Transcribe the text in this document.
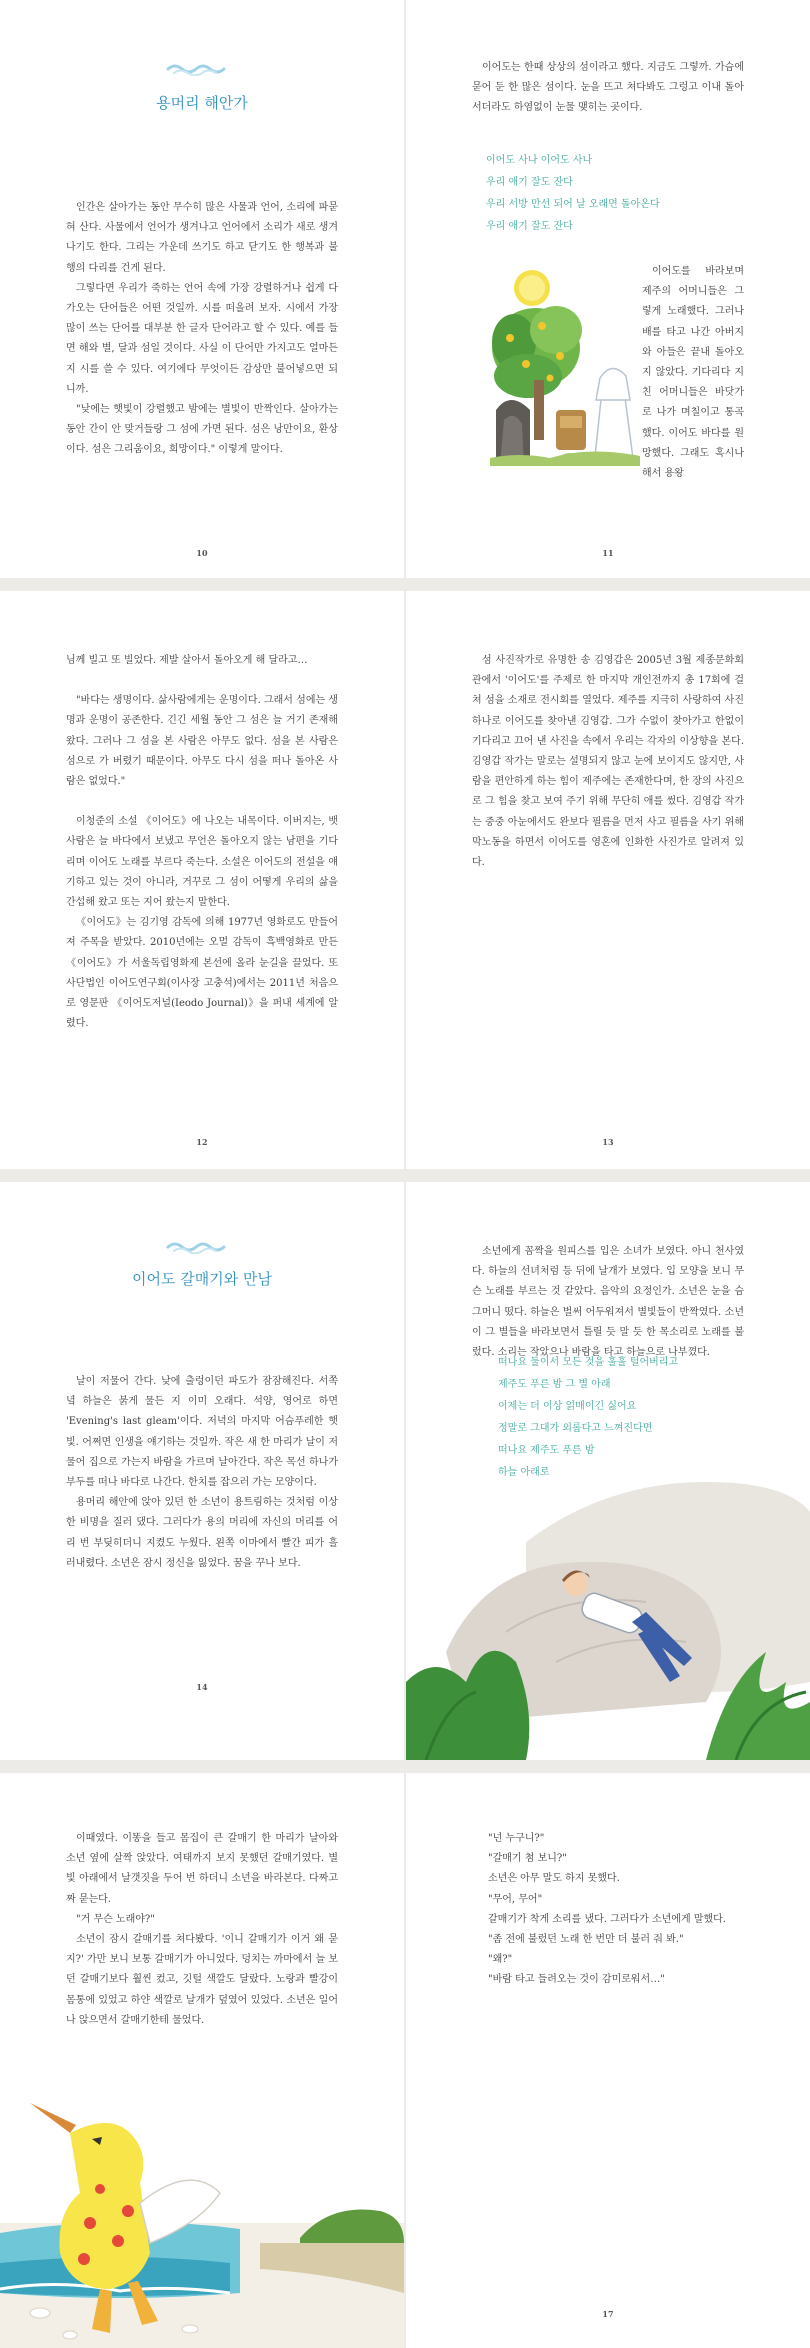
용머리 해안가

인간은 살아가는 동안 무수히 많은 사물과 언어, 소리에 파묻혀 산다. 사물에서 언어가 생겨나고 언어에서 소리가 새로 생겨나기도 한다. 그리는 가운데 쓰기도 하고 닫기도 한 행복과 불행의 다리를 건게 된다.

그렇다면 우리가 죽하는 언어 속에 가장 강렬하거나 쉽게 다가오는 단어들은 어떤 것일까. 시를 떠올려 보자. 시에서 가장 많이 쓰는 단어를 대부분 한 글자 단어라고 할 수 있다. 예를 들면 해와 별, 달과 섬일 것이다. 사실 이 단어만 가지고도 얼마든지 시를 쓸 수 있다. 여기에다 무엇이든 감상만 불어넣으면 되니까.

"낮에는 햇빛이 강렬했고 밤에는 별빛이 반짝인다. 살아가는 동안 간이 안 맞거들랑 그 섬에 가면 된다. 섬은 낭만이요, 환상이다. 섬은 그리움이요, 희망이다." 이렇게 말이다.

10

이어도는 한때 상상의 섬이라고 했다. 지금도 그렇까. 가슴에 묻어 둔 한 많은 섬이다. 눈을 뜨고 쳐다봐도 그렁고 이내 돌아서더라도 하염없이 눈물 맺히는 곳이다.

이어도 사나 이어도 사나
우리 애기 잘도 잔다
우리 서방 만선 되어 날 오래면 돌아온다
우리 애기 잘도 잔다

이어도를 바라보며 제주의 어머니들은 그렇게 노래했다. 그러나 배를 타고 나간 아버지와 아들은 끝내 돌아오지 않았다. 기다리다 지친 어머니들은 바닷가로 나가 며칠이고 통곡했다. 이어도 바다를 원망했다. 그래도 혹시나 해서 용왕

11

님께 빌고 또 빌었다. 제발 살아서 돌아오게 해 달라고…

"바다는 생명이다. 삶사람에게는 운명이다. 그래서 섬에는 생명과 운명이 공존한다. 긴긴 세월 동안 그 섬은 늘 거기 존재해 왔다. 그러나 그 섬을 본 사람은 아무도 없다. 섬을 본 사람은 섬으로 가 버렸기 때문이다. 아무도 다시 섬을 떠나 돌아온 사람은 없었다."

이청준의 소설 《이어도》에 나오는 내목이다. 이버지는, 뱃사람은 늘 바다에서 보냈고 무언은 돌아오지 않는 남편을 기다리며 이어도 노래를 부르다 죽는다. 소설은 이어도의 전설을 얘기하고 있는 것이 아니라, 거꾸로 그 섬이 어떻게 우리의 삶을 간섭해 왔고 또는 지어 왔는지 말한다.

《이어도》는 김기영 감독에 의해 1977년 영화로도 만들어져 주목을 받았다. 2010년에는 오멀 감독이 흑백영화로 만든 《이어도》가 서울독립영화제 본선에 올라 눈길을 끌었다. 또 사단법인 이어도연구회(이사장 고충석)에서는 2011년 처음으로 영문판 《이어도저널(Ieodo Journal)》을 퍼내 세계에 알렸다.

12

섬 사진작가로 유명한 송 김영갑은 2005년 3월 제종문화회관에서 '이어도'를 주제로 한 마지막 개인전까지 총 17회에 걸쳐 섬을 소재로 전시회를 열었다. 제주를 지극히 사랑하여 사진 하나로 이어도를 찾아낸 김영갑. 그가 수없이 찾아가고 한없이 기다리고 끄어 낸 사진을 속에서 우리는 각자의 이상향을 본다. 김영갑 작가는 말로는 설명되지 않고 눈에 보이지도 않지만, 사람을 편안하게 하는 힘이 제주에는 존재한다며, 한 장의 사진으로 그 힘을 찾고 보여 주기 위해 무단히 애를 썼다. 김영갑 작가는 중중 아눈에서도 완보다 필름을 먼저 사고 필름을 사기 위해 막노동을 하면서 이어도를 영혼에 인화한 사진가로 알려져 있다.

13
이어도 갈매기와 만남

날이 저물어 간다. 낮에 출렁이던 파도가 잠잠해진다. 서쪽 녘 하늘은 붉게 물든 지 이미 오래다. 석양, 영어로 하면 'Evening's last gleam'이다. 저녁의 마지막 어슴푸레한 햇빛. 어쩌면 인생을 얘기하는 것일까. 작은 새 한 마리가 날이 저물어 집으로 가는지 바람을 가르며 날아간다. 작은 목선 하나가 부두를 떠나 바다로 나간다. 한치를 잡으러 가는 모양이다.

용머리 해안에 앉아 있던 한 소년이 용트림하는 것처럼 이상한 비명을 질러 댔다. 그러다가 용의 머리에 자신의 머리를 어리 번 부딪히더니 지켰도 누웠다. 왼쪽 이마에서 빨간 피가 흘러내렸다. 소년은 잠시 정신을 잃었다. 꿈을 꾸나 보다.

14

소년에게 꼼짝을 원피스를 입은 소녀가 보였다. 아니 천사였다. 하늘의 선녀처럼 등 뒤에 날개가 보였다. 입 모양을 보니 무슨 노래를 부르는 것 같았다. 음악의 요정인가. 소년은 눈을 슴그머니 떴다. 하늘은 벌써 어두워져서 별빛들이 반짝였다. 소년이 그 별들을 바라보면서 틀릴 듯 말 듯 한 목소리로 노래를 불렀다. 소리는 작았으나 바람을 타고 하늘으로 나부꼈다.

떠나요 둘이서 모든 것을 훌훌 털어버리고
제주도 푸른 밤 그 별 아래
이제는 더 이상 얽매이긴 싫어요
정말로 그대가 외롭다고 느껴진다면
떠나요 제주도 푸른 밤
하늘 아래로

이때였다. 이똥을 들고 몸집이 큰 갈매기 한 마리가 날아와 소년 옆에 살짝 앉았다. 여태까지 보지 못했던 갈매기였다. 별빛 아래에서 날갯짓을 두어 번 하더니 소년을 바라본다. 다짜고짜 묻는다.

"거 무슨 노래야?"

소년이 잠시 갈매기를 쳐다봤다. '이니 갈매기가 이거 왜 묻지?' 가만 보니 보통 갈매기가 아니었다. 덩치는 까마에서 늘 보던 갈매기보다 훨씬 컸고, 깃털 색깔도 달랐다. 노랑과 빨강이 몸통에 있었고 하얀 색깔로 날개가 덮였어 있었다. 소년은 일어나 앉으면서 갈매기한테 물었다.

"넌 누구니?"

"갈매기 첨 보니?"

소년은 아무 말도 하지 못했다.

"무어, 무어"

갈매기가 착게 소리를 냈다. 그러다가 소년에게 말했다.

"좀 전에 불렀던 노래 한 번만 더 불러 줘 봐."

"왜?"

"바람 타고 들려오는 것이 감미로워서…"

17
